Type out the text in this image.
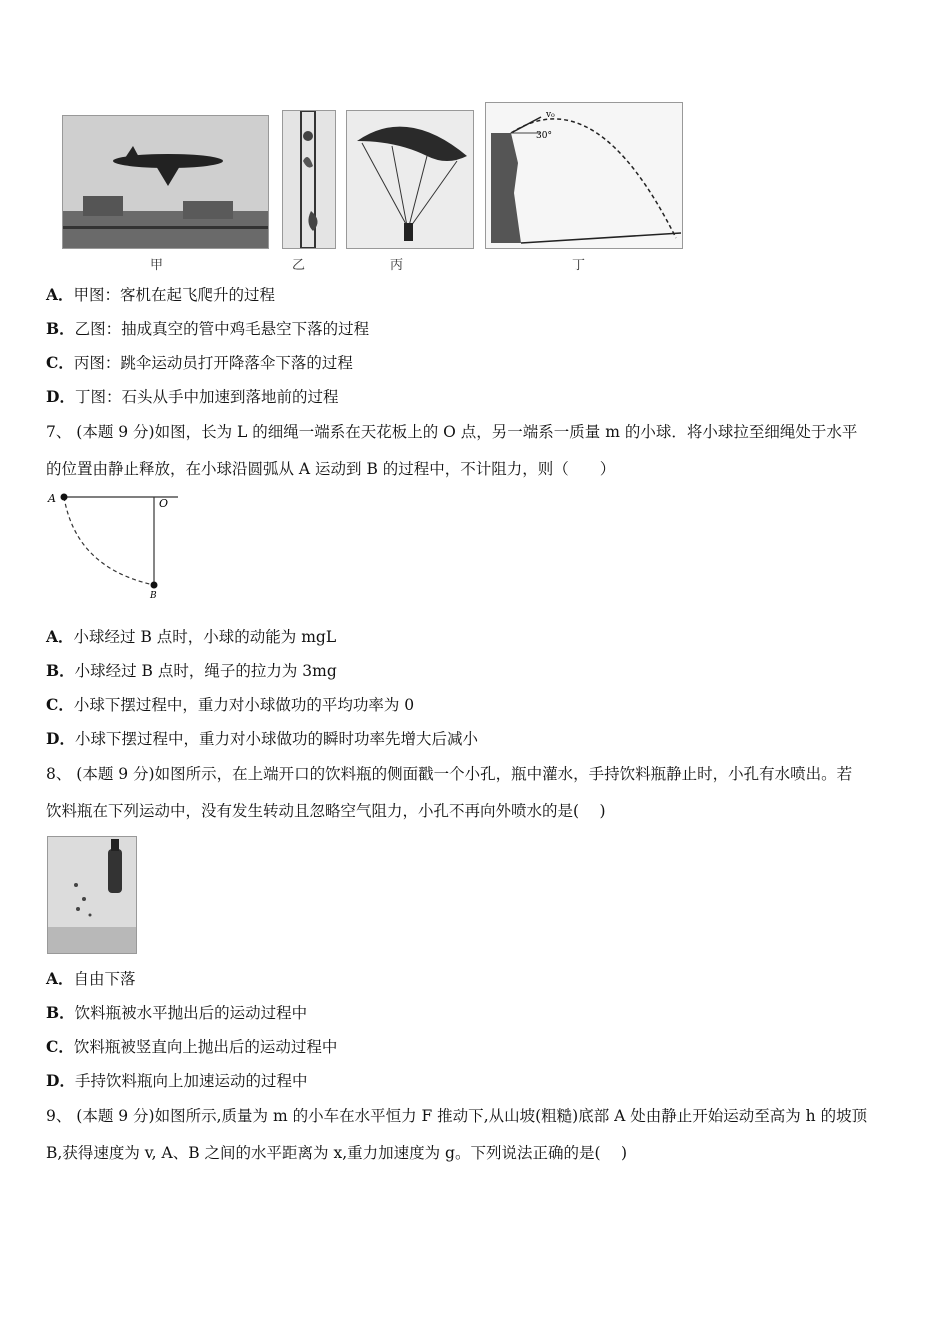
30°
v₀
甲	乙	丙	丁
A．甲图：客机在起飞爬升的过程
B．乙图：抽成真空的管中鸡毛悬空下落的过程
C．丙图：跳伞运动员打开降落伞下落的过程
D．丁图：石头从手中加速到落地前的过程
7、 (本题 9 分)如图，长为 L 的细绳一端系在天花板上的 O 点，另一端系一质量 m 的小球．将小球拉至细绳处于水平
的位置由静止释放，在小球沿圆弧从 A 运动到 B 的过程中，不计阻力，则（　　）
A	O
B
A．小球经过 B 点时，小球的动能为 mgL
B．小球经过 B 点时，绳子的拉力为 3mg
C．小球下摆过程中，重力对小球做功的平均功率为 0
D．小球下摆过程中，重力对小球做功的瞬时功率先增大后减小
8、 (本题 9 分)如图所示，在上端开口的饮料瓶的侧面戳一个小孔，瓶中灌水，手持饮料瓶静止时，小孔有水喷出。若
饮料瓶在下列运动中，没有发生转动且忽略空气阻力，小孔不再向外喷水的是(　 )
A．自由下落
B．饮料瓶被水平抛出后的运动过程中
C．饮料瓶被竖直向上抛出后的运动过程中
D．手持饮料瓶向上加速运动的过程中
9、 (本题 9 分)如图所示,质量为 m 的小车在水平恒力 F 推动下,从山坡(粗糙)底部 A 处由静止开始运动至高为 h 的坡顶
B,获得速度为 v, A、B 之间的水平距离为 x,重力加速度为 g。下列说法正确的是(　 )
